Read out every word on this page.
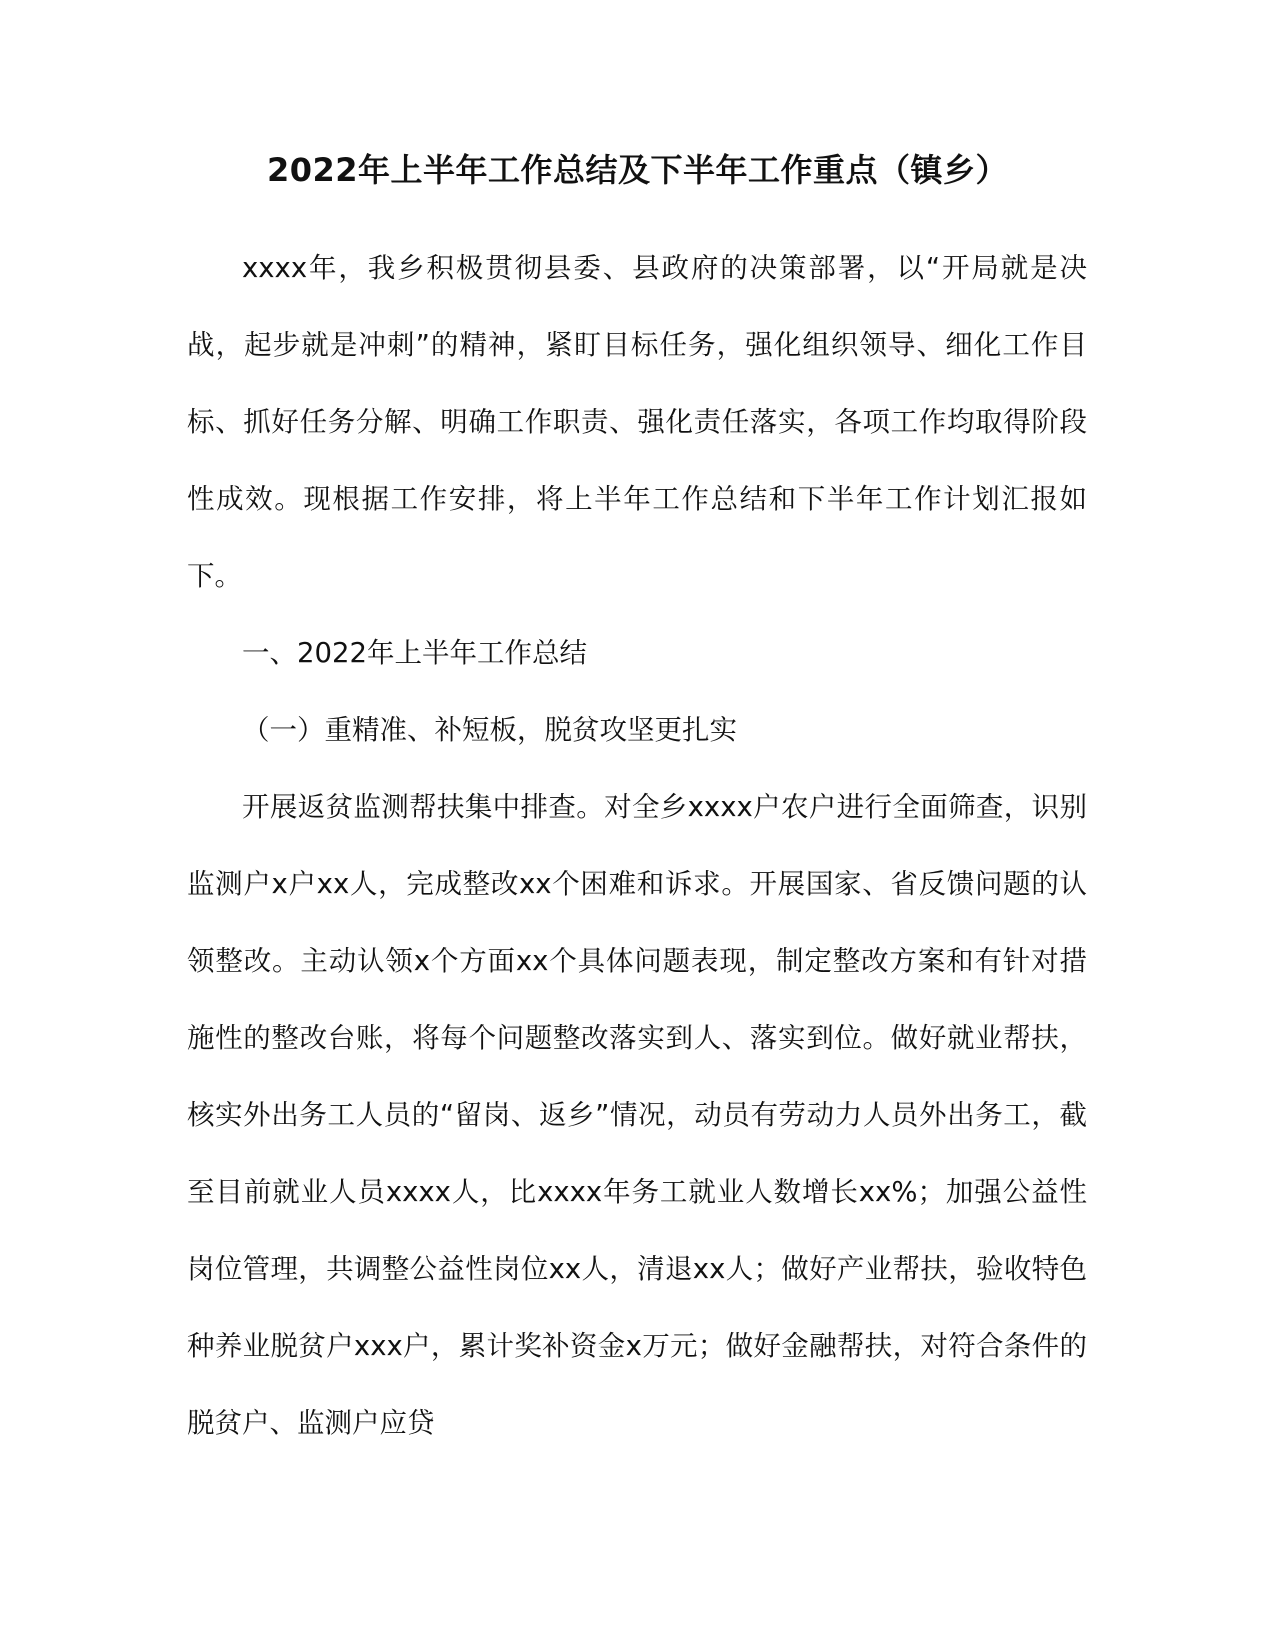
2022年上半年工作总结及下半年工作重点（镇乡）

xxxx年，我乡积极贯彻县委、县政府的决策部署，以“开局就是决战，起步就是冲刺”的精神，紧盯目标任务，强化组织领导、细化工作目标、抓好任务分解、明确工作职责、强化责任落实，各项工作均取得阶段性成效。现根据工作安排，将上半年工作总结和下半年工作计划汇报如下。

一、2022年上半年工作总结

（一）重精准、补短板，脱贫攻坚更扎实

开展返贫监测帮扶集中排查。对全乡xxxx户农户进行全面筛查，识别监测户x户xx人，完成整改xx个困难和诉求。开展国家、省反馈问题的认领整改。主动认领x个方面xx个具体问题表现，制定整改方案和有针对措施性的整改台账，将每个问题整改落实到人、落实到位。做好就业帮扶，核实外出务工人员的“留岗、返乡”情况，动员有劳动力人员外出务工，截至目前就业人员xxxx人，比xxxx年务工就业人数增长xx%；加强公益性岗位管理，共调整公益性岗位xx人，清退xx人；做好产业帮扶，验收特色种养业脱贫户xxx户，累计奖补资金x万元；做好金融帮扶，对符合条件的脱贫户、监测户应贷
